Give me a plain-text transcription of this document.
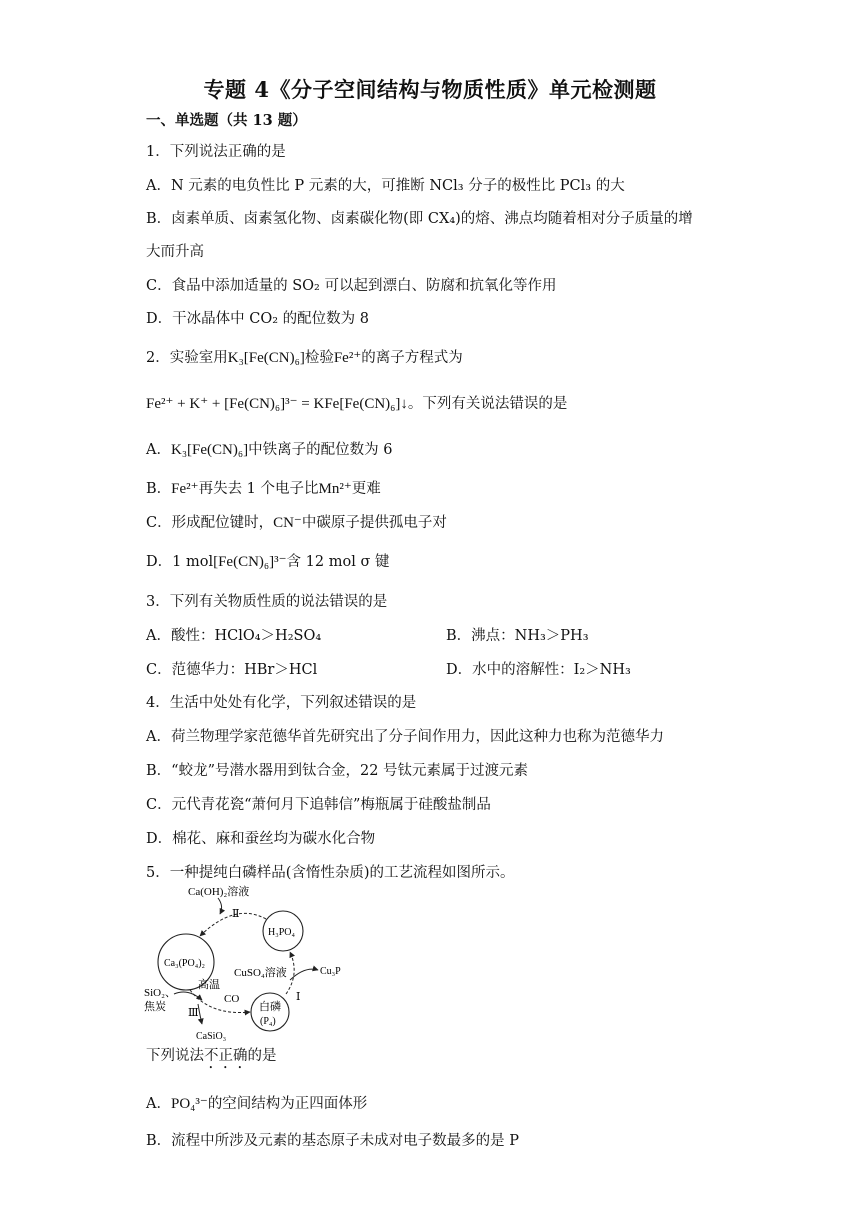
专题 4《分子空间结构与物质性质》单元检测题
一、单选题（共 13 题）
1．下列说法正确的是
A．N 元素的电负性比 P 元素的大，可推断 NCl₃ 分子的极性比 PCl₃ 的大
B．卤素单质、卤素氢化物、卤素碳化物(即 CX₄)的熔、沸点均随着相对分子质量的增
大而升高
C．食品中添加适量的 SO₂ 可以起到漂白、防腐和抗氧化等作用
D．干冰晶体中 CO₂ 的配位数为 8
2．实验室用K₃[Fe(CN)₆]检验Fe²⁺的离子方程式为
Fe²⁺ + K⁺ + [Fe(CN)₆]³⁻ = KFe[Fe(CN)₆]↓。下列有关说法错误的是
A．K₃[Fe(CN)₆]中铁离子的配位数为 6
B．Fe²⁺再失去 1 个电子比Mn²⁺更难
C．形成配位键时，CN⁻中碳原子提供孤电子对
D．1 mol[Fe(CN)₆]³⁻含 12 mol σ 键
3．下列有关物质性质的说法错误的是
A．酸性：HClO₄＞H₂SO₄	B．沸点：NH₃＞PH₃
C．范德华力：HBr＞HCl	D．水中的溶解性：I₂＞NH₃
4．生活中处处有化学，下列叙述错误的是
A．荷兰物理学家范德华首先研究出了分子间作用力，因此这种力也称为范德华力
B．“蛟龙”号潜水器用到钛合金，22 号钛元素属于过渡元素
C．元代青花瓷“萧何月下追韩信”梅瓶属于硅酸盐制品
D．棉花、麻和蚕丝均为碳水化合物
5．一种提纯白磷样品(含惰性杂质)的工艺流程如图所示。
Ca(OH)₂溶液
Ⅱ
H₃PO₄
Ca₃(PO₄)₂
CuSO₄溶液	Cu₃P
SiO₂、
焦炭
高温
CO	Ⅰ
Ⅲ	白磷
(P₄)
CaSiO₃
下列说法不正确的是
A．PO₄³⁻的空间结构为正四面体形
B．流程中所涉及元素的基态原子未成对电子数最多的是 P
